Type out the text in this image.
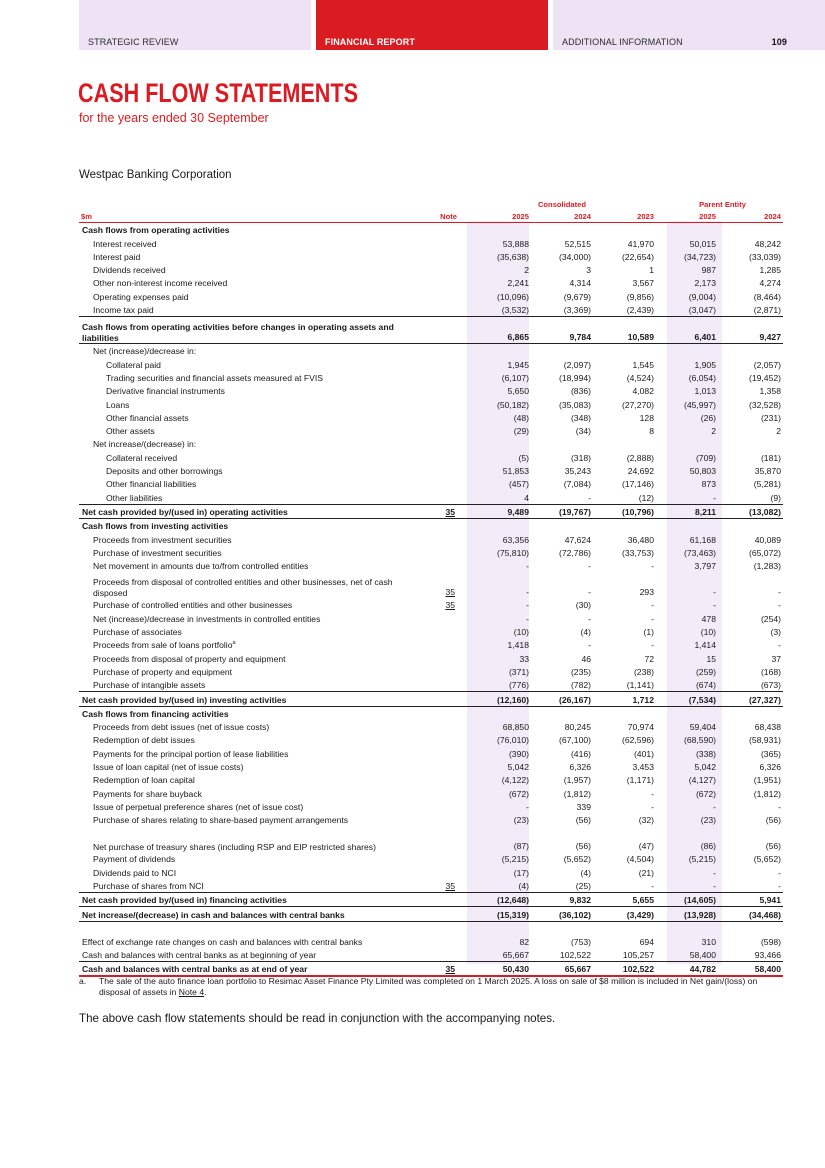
STRATEGIC REVIEW	FINANCIAL REPORT	ADDITIONAL INFORMATION	109
CASH FLOW STATEMENTS
for the years ended 30 September
Westpac Banking Corporation
			Consolidated		Parent Entity	
$m	Note	2025	2024	2023	2025	2024
Cash flows from operating activities						
Interest received		53,888	52,515	41,970	50,015	48,242
Interest paid		(35,638)	(34,000)	(22,654)	(34,723)	(33,039)
Dividends received		2	3	1	987	1,285
Other non-interest income received		2,241	4,314	3,567	2,173	4,274
Operating expenses paid		(10,096)	(9,679)	(9,856)	(9,004)	(8,464)
Income tax paid		(3,532)	(3,369)	(2,439)	(3,047)	(2,871)
Cash flows from operating activities before changes in operating assets and liabilities		6,865	9,784	10,589	6,401	9,427
Net (increase)/decrease in:						
Collateral paid		1,945	(2,097)	1,545	1,905	(2,057)
Trading securities and financial assets measured at FVIS		(6,107)	(18,994)	(4,524)	(6,054)	(19,452)
Derivative financial instruments		5,650	(836)	4,082	1,013	1,358
Loans		(50,182)	(35,083)	(27,270)	(45,997)	(32,528)
Other financial assets		(48)	(348)	128	(26)	(231)
Other assets		(29)	(34)	8	2	2
Net increase/(decrease) in:						
Collateral received		(5)	(318)	(2,888)	(709)	(181)
Deposits and other borrowings		51,853	35,243	24,692	50,803	35,870
Other financial liabilities		(457)	(7,084)	(17,146)	873	(5,281)
Other liabilities		4	-	(12)	-	(9)
Net cash provided by/(used in) operating activities	35	9,489	(19,767)	(10,796)	8,211	(13,082)
Cash flows from investing activities						
Proceeds from investment securities		63,356	47,624	36,480	61,168	40,089
Purchase of investment securities		(75,810)	(72,786)	(33,753)	(73,463)	(65,072)
Net movement in amounts due to/from controlled entities		-	-	-	3,797	(1,283)
Proceeds from disposal of controlled entities and other businesses, net of cash disposed	35	-	-	293	-	-
Purchase of controlled entities and other businesses	35	-	(30)	-	-	-
Net (increase)/decrease in investments in controlled entities		-	-	-	478	(254)
Purchase of associates		(10)	(4)	(1)	(10)	(3)
Proceeds from sale of loans portfolio$^a$		1,418	-	-	1,414	-
Proceeds from disposal of property and equipment		33	46	72	15	37
Purchase of property and equipment		(371)	(235)	(238)	(259)	(168)
Purchase of intangible assets		(776)	(782)	(1,141)	(674)	(673)
Net cash provided by/(used in) investing activities		(12,160)	(26,167)	1,712	(7,534)	(27,327)
Cash flows from financing activities						
Proceeds from debt issues (net of issue costs)		68,850	80,245	70,974	59,404	68,438
Redemption of debt issues		(76,010)	(67,100)	(62,596)	(68,590)	(58,931)
Payments for the principal portion of lease liabilities		(390)	(416)	(401)	(338)	(365)
Issue of loan capital (net of issue costs)		5,042	6,326	3,453	5,042	6,326
Redemption of loan capital		(4,122)	(1,957)	(1,171)	(4,127)	(1,951)
Payments for share buyback		(672)	(1,812)	-	(672)	(1,812)
Issue of perpetual preference shares (net of issue cost)		-	339	-	-	-
Purchase of shares relating to share-based payment arrangements		(23)	(56)	(32)	(23)	(56)
Net purchase of treasury shares (including RSP and EIP restricted shares)		(87)	(56)	(47)	(86)	(56)
Payment of dividends		(5,215)	(5,652)	(4,504)	(5,215)	(5,652)
Dividends paid to NCI		(17)	(4)	(21)	-	-
Purchase of shares from NCI	35	(4)	(25)	-	-	-
Net cash provided by/(used in) financing activities		(12,648)	9,832	5,655	(14,605)	5,941
Net increase/(decrease) in cash and balances with central banks		(15,319)	(36,102)	(3,429)	(13,928)	(34,468)
Effect of exchange rate changes on cash and balances with central banks		82	(753)	694	310	(598)
Cash and balances with central banks as at beginning of year		65,667	102,522	105,257	58,400	93,466
Cash and balances with central banks as at end of year	35	50,430	65,667	102,522	44,782	58,400
a.	The sale of the auto finance loan portfolio to Resimac Asset Finance Pty Limited was completed on 1 March 2025. A loss on sale of $8 million is included in Net gain/(loss) on disposal of assets in Note 4.
The above cash flow statements should be read in conjunction with the accompanying notes.
